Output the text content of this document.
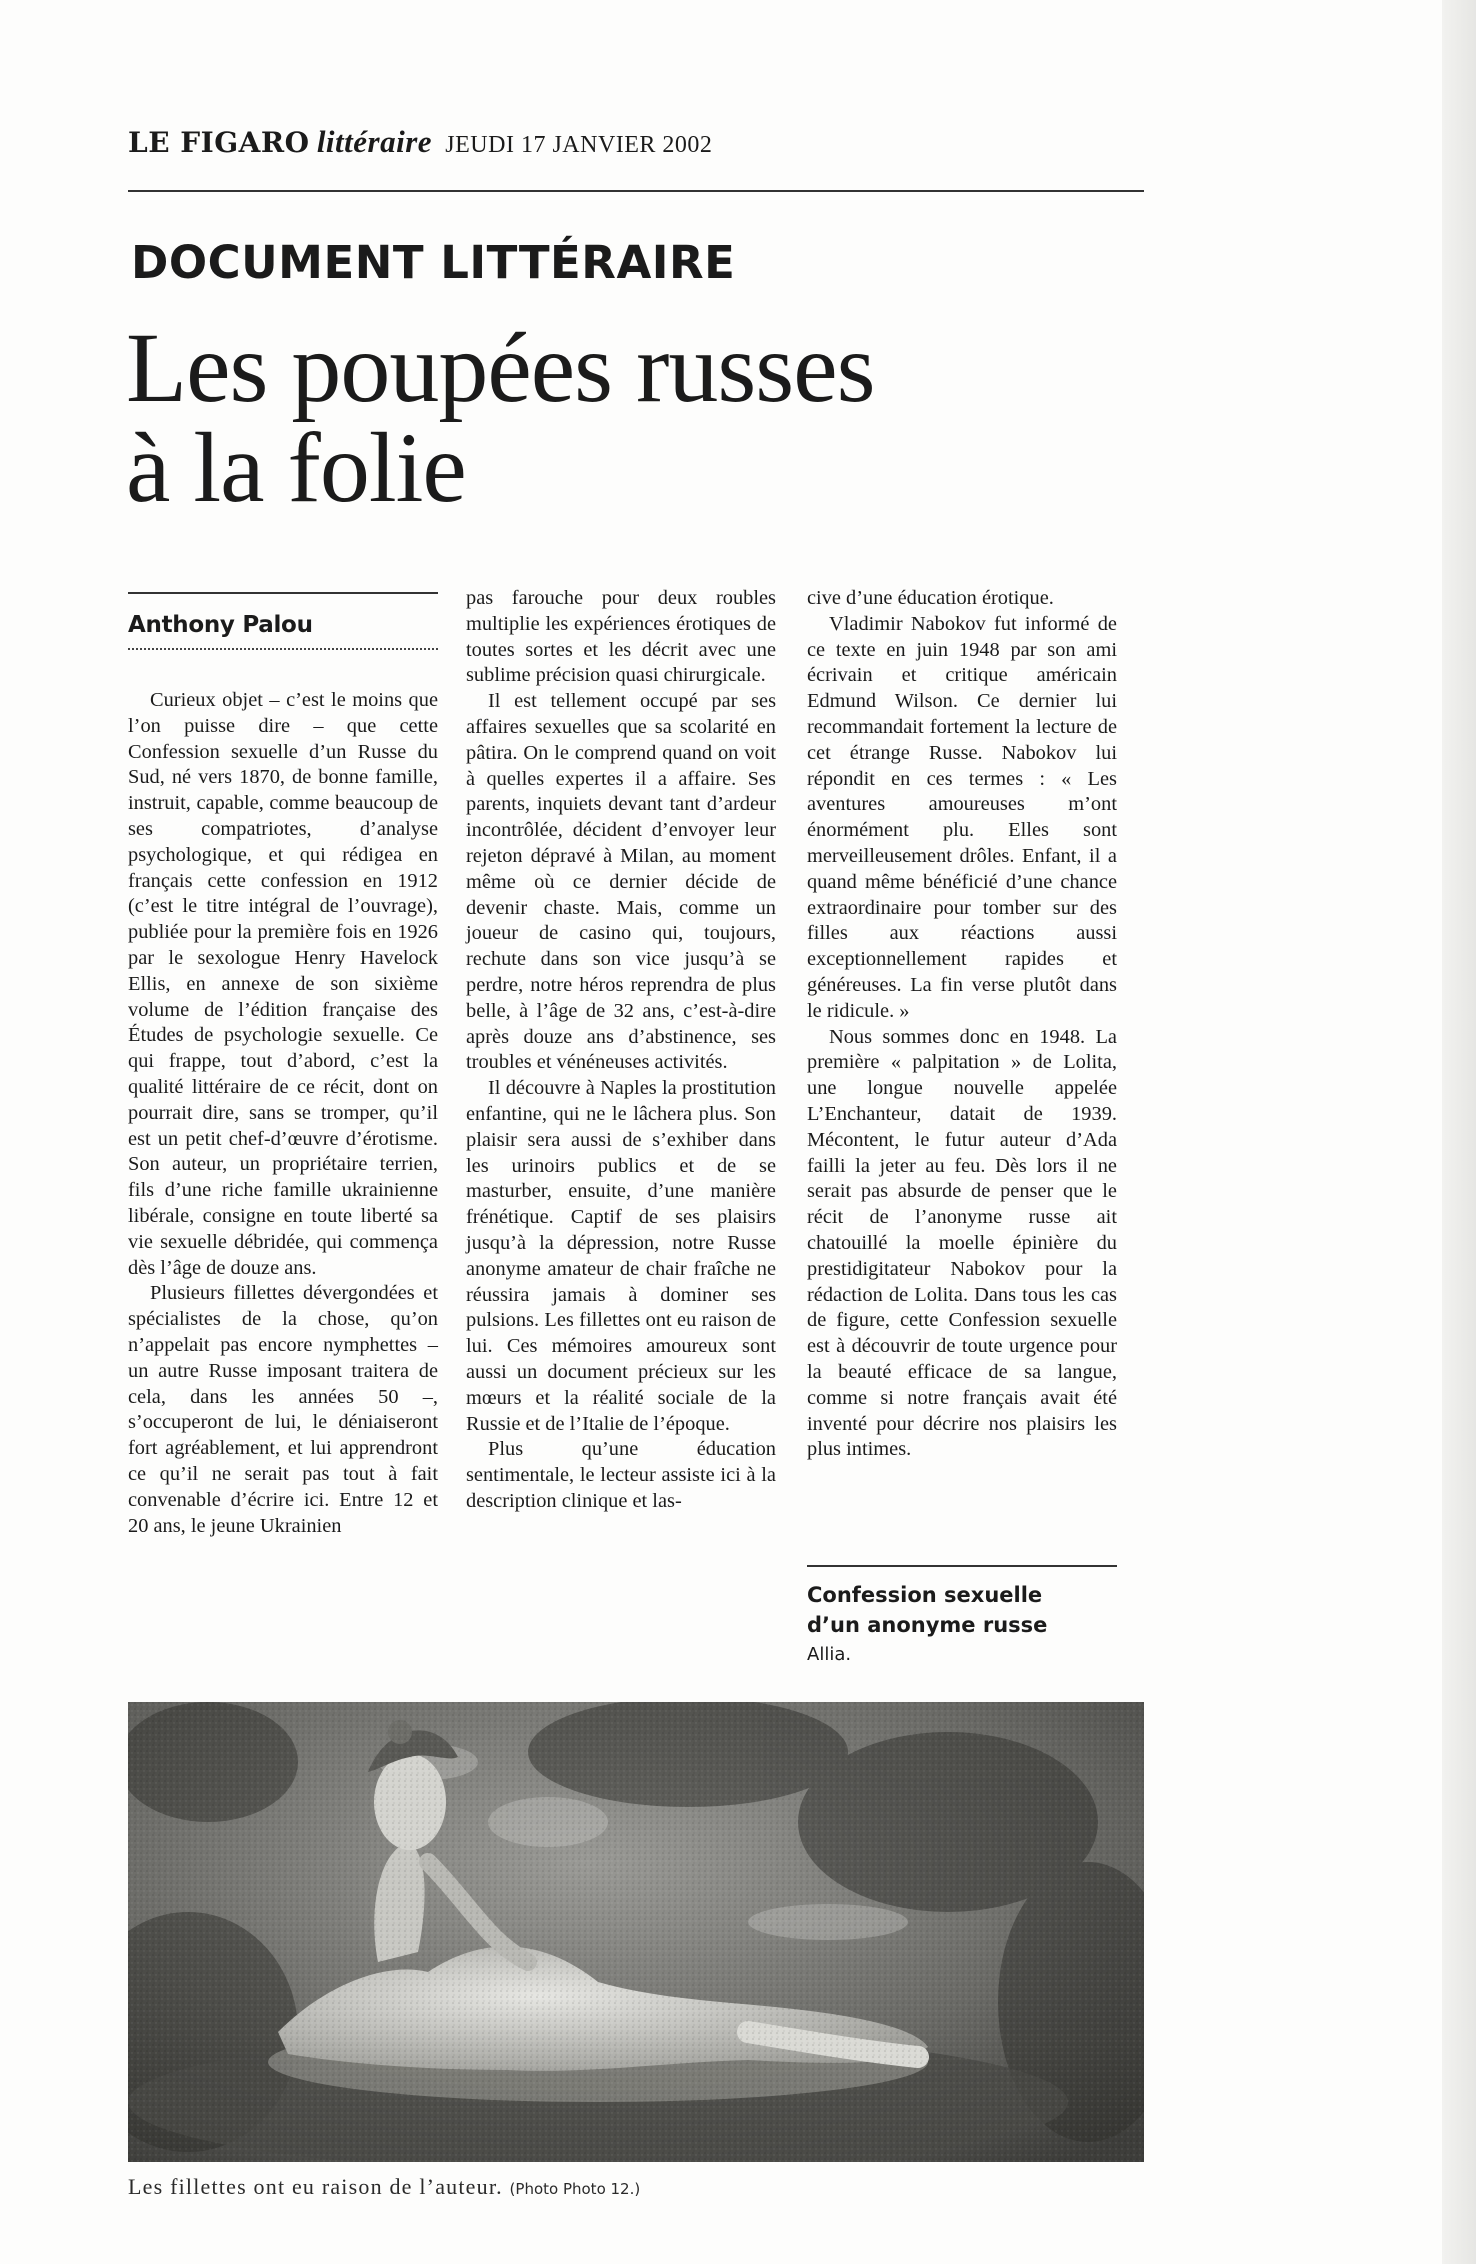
LE FIGARO littéraire JEUDI 17 JANVIER 2002
DOCUMENT LITTÉRAIRE
Les poupées russes
à la folie
Anthony Palou

Curieux objet – c’est le moins que l’on puisse dire – que cette Confession sexuelle d’un Russe du Sud, né vers 1870, de bonne famille, instruit, capable, comme beaucoup de ses compatriotes, d’analyse psychologique, et qui rédigea en français cette confession en 1912 (c’est le titre intégral de l’ouvrage), publiée pour la première fois en 1926 par le sexologue Henry Havelock Ellis, en annexe de son sixième volume de l’édition française des Études de psychologie sexuelle. Ce qui frappe, tout d’abord, c’est la qualité littéraire de ce récit, dont on pourrait dire, sans se tromper, qu’il est un petit chef-d’œuvre d’érotisme. Son auteur, un propriétaire terrien, fils d’une riche famille ukrainienne libérale, consigne en toute liberté sa vie sexuelle débridée, qui commença dès l’âge de douze ans.

Plusieurs fillettes dévergondées et spécialistes de la chose, qu’on n’appelait pas encore nymphettes – un autre Russe imposant traitera de cela, dans les années 50 –, s’occuperont de lui, le déniaiseront fort agréablement, et lui apprendront ce qu’il ne serait pas tout à fait convenable d’écrire ici. Entre 12 et 20 ans, le jeune Ukrainien

pas farouche pour deux roubles multiplie les expériences érotiques de toutes sortes et les décrit avec une sublime précision quasi chirurgicale.

Il est tellement occupé par ses affaires sexuelles que sa scolarité en pâtira. On le comprend quand on voit à quelles expertes il a affaire. Ses parents, inquiets devant tant d’ardeur incontrôlée, décident d’envoyer leur rejeton dépravé à Milan, au moment même où ce dernier décide de devenir chaste. Mais, comme un joueur de casino qui, toujours, rechute dans son vice jusqu’à se perdre, notre héros reprendra de plus belle, à l’âge de 32 ans, c’est-à-dire après douze ans d’abstinence, ses troubles et vénéneuses activités.

Il découvre à Naples la prostitution enfantine, qui ne le lâchera plus. Son plaisir sera aussi de s’exhiber dans les urinoirs publics et de se masturber, ensuite, d’une manière frénétique. Captif de ses plaisirs jusqu’à la dépression, notre Russe anonyme amateur de chair fraîche ne réussira jamais à dominer ses pulsions. Les fillettes ont eu raison de lui. Ces mémoires amoureux sont aussi un document précieux sur les mœurs et la réalité sociale de la Russie et de l’Italie de l’époque.

Plus qu’une éducation sentimentale, le lecteur assiste ici à la description clinique et las-

cive d’une éducation érotique.

Vladimir Nabokov fut informé de ce texte en juin 1948 par son ami écrivain et critique américain Edmund Wilson. Ce dernier lui recommandait fortement la lecture de cet étrange Russe. Nabokov lui répondit en ces termes : « Les aventures amoureuses m’ont énormément plu. Elles sont merveilleusement drôles. Enfant, il a quand même bénéficié d’une chance extraordinaire pour tomber sur des filles aux réactions aussi exceptionnellement rapides et généreuses. La fin verse plutôt dans le ridicule. »

Nous sommes donc en 1948. La première « palpitation » de Lolita, une longue nouvelle appelée L’Enchanteur, datait de 1939. Mécontent, le futur auteur d’Ada failli la jeter au feu. Dès lors il ne serait pas absurde de penser que le récit de l’anonyme russe ait chatouillé la moelle épinière du prestidigitateur Nabokov pour la rédaction de Lolita. Dans tous les cas de figure, cette Confession sexuelle est à découvrir de toute urgence pour la beauté efficace de sa langue, comme si notre français avait été inventé pour décrire nos plaisirs les plus intimes.

Confession sexuelle
d’un anonyme russe
Allia.
Les fillettes ont eu raison de l’auteur. (Photo Photo 12.)
